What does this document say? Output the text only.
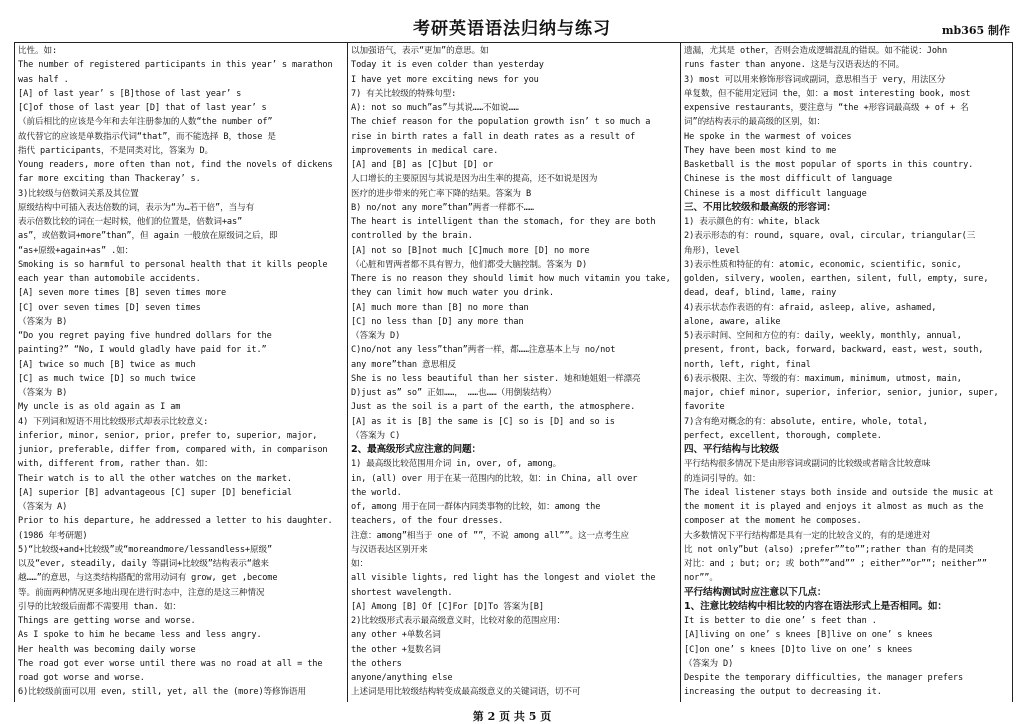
考研英语语法归纳与练习	mb365 制作
比性。如:
The number of registered participants in this year’ s marathon
was half .
[A] of last year’ s [B]those of last year’ s
[C]of those of last year [D] that of last year’ s
（前后相比的应该是今年和去年注册参加的人数“the number of”
故代替它的应该是单数指示代词“that”，而不能选择 B，those 是
指代 participants，不是同类对比，答案为 D。
Young readers, more often than not, find the novels of dickens
far more exciting than Thackeray’ s.
3)比较级与倍数词关系及其位置
原级结构中可插入表达倍数的词，表示为“为…若干倍”，当与有
表示倍数比较的词在一起时候，他们的位置是，倍数词+as”
as”，或倍数词+more”than”，但 again 一般放在原级词之后，即
“as+原级+again+as” .如：
Smoking is so harmful to personal health that it kills people
each year than automobile accidents.
[A] seven more times [B] seven times more
[C] over seven times [D] seven times
（答案为 B)
“Do you regret paying five hundred dollars for the
painting?” “No, I would gladly have paid for it.”
[A] twice so much [B] twice as much
[C] as much twice [D] so much twice
（答案为 B)
My uncle is as old again as I am
4) 下列词和短语不用比较级形式却表示比较意义:
inferior, minor, senior, prior, prefer to, superior, major,
junior, preferable, differ from, compared with, in comparison
with, different from, rather than. 如：
Their watch is to all the other watches on the market.
[A] superior [B] advantageous [C] super [D] beneficial
（答案为 A)
Prior to his departure, he addressed a letter to his daughter.
(1986 年考研题)
5)“比较级+and+比较级”或“moreandmore/lessandless+原级”
以及“ever, steadily, daily 等副词+比较级”结构表示“越来
越……”的意思，与这类结构搭配的常用动词有 grow, get ,become
等。前面两种情况更多地出现在进行时态中，注意的是这三种情况
引导的比较级后面都不需要用 than. 如：
Things are getting worse and worse.
As I spoke to him he became less and less angry.
Her health was becoming daily worse
The road got ever worse until there was no road at all = the
road got worse and worse.
6)比较级前面可以用 even, still, yet, all the (more)等修饰语用
以加强语气，表示“更加”的意思。如
Today it is even colder than yesterday
I have yet more exciting news for you
7) 有关比较级的特殊句型:
A): not so much”as”与其说……不如说……
The chief reason for the population growth isn’ t so much a
rise in birth rates a fall in death rates as a result of
improvements in medical care.
[A] and [B] as [C]but [D] or
人口增长的主要原因与其说是因为出生率的提高，还不如说是因为
医疗的进步带来的死亡率下降的结果。答案为 B
B) no/not any more”than”两者一样都不……
The heart is intelligent than the stomach, for they are both
controlled by the brain.
[A] not so [B]not much [C]much more [D] no more
（心脏和胃两者都不具有智力，他们都受大脑控制。答案为 D)
There is no reason they should limit how much vitamin you take,
they can limit how much water you drink.
[A] much more than [B] no more than
[C] no less than [D] any more than
（答案为 D)
C)no/not any less”than”两者一样，都……注意基本上与 no/not
any more”than 意思相反
She is no less beautiful than her sister. 她和她姐姐一样漂亮
D)just as” so” 正如……， ……也……（用倒装结构）
Just as the soil is a part of the earth, the atmosphere.
[A] as it is [B] the same is [C] so is [D] and so is
（答案为 C)
2、最高级形式应注意的问题：
1) 最高级比较范围用介词 in, over, of, among。
in, (all) over 用于在某一范围内的比较，如：in China, all over
the world.
of, among 用于在同一群体内同类事物的比较，如：among the
teachers, of the four dresses.
注意：among”相当于 one of ””，不说 among all””。这一点考生应
与汉语表达区别开来
如：
all visible lights, red light has the longest and violet the
shortest wavelength.
[A] Among [B] Of [C]For [D]To 答案为[B]
2)比较级形式表示最高级意义时，比较对象的范围应用：
any other +单数名词
the other +复数名词
the others
anyone/anything else
上述词是用比较级结构转变成最高级意义的关键词语，切不可
遗漏，尤其是 other，否则会造成逻辑混乱的错误。如不能说：John
runs faster than anyone. 这是与汉语表达的不同。
3) most 可以用来修饰形容词或副词，意思相当于 very，用法区分
单复数，但不能用定冠词 the，如：a most interesting book, most
expensive restaurants，要注意与 “the +形容词最高级 + of + 名
词”的结构表示的最高级的区别，如：
He spoke in the warmest of voices
They have been most kind to me
Basketball is the most popular of sports in this country.
Chinese is the most difficult of language
Chinese is a most difficult language
三、不用比较级和最高级的形容词：
1) 表示颜色的有：white, black
2)表示形态的有：round, square, oval, circular, triangular(三
角形)，level
3)表示性质和特征的有：atomic, economic, scientific, sonic,
golden, silvery, woolen, earthen, silent, full, empty, sure,
dead, deaf, blind, lame, rainy
4)表示状态作表语的有：afraid, asleep, alive, ashamed,
alone, aware, alike
5)表示时间、空间和方位的有：daily, weekly, monthly, annual,
present, front, back, forward, backward, east, west, south,
north, left, right, final
6)表示极限、主次、等级的有：maximum, minimum, utmost, main,
major, chief minor, superior, inferior, senior, junior, super,
favorite
7)含有绝对概念的有：absolute, entire, whole, total,
perfect, excellent, thorough, complete.
四、平行结构与比较级
平行结构很多情况下是由形容词或副词的比较级或者暗含比较意味
的连词引导的。如：
The ideal listener stays both inside and outside the music at
the moment it is played and enjoys it almost as much as the
composer at the moment he composes.
大多数情况下平行结构都是具有一定的比较含义的，有的是递进对
比 not only”but (also) ;prefer””to””;rather than 有的是同类
对比：and ; but; or; 或 both””and”” ; either””or””; neither””
nor””。
平行结构测试时应注意以下几点：
1、注意比较结构中相比较的内容在语法形式上是否相同。如：
It is better to die one’ s feet than .
[A]living on one’ s knees [B]live on one’ s knees
[C]on one’ s knees [D]to live on one’ s knees
（答案为 D)
Despite the temporary difficulties, the manager prefers
increasing the output to decreasing it.
第 2 页 共 5 页
